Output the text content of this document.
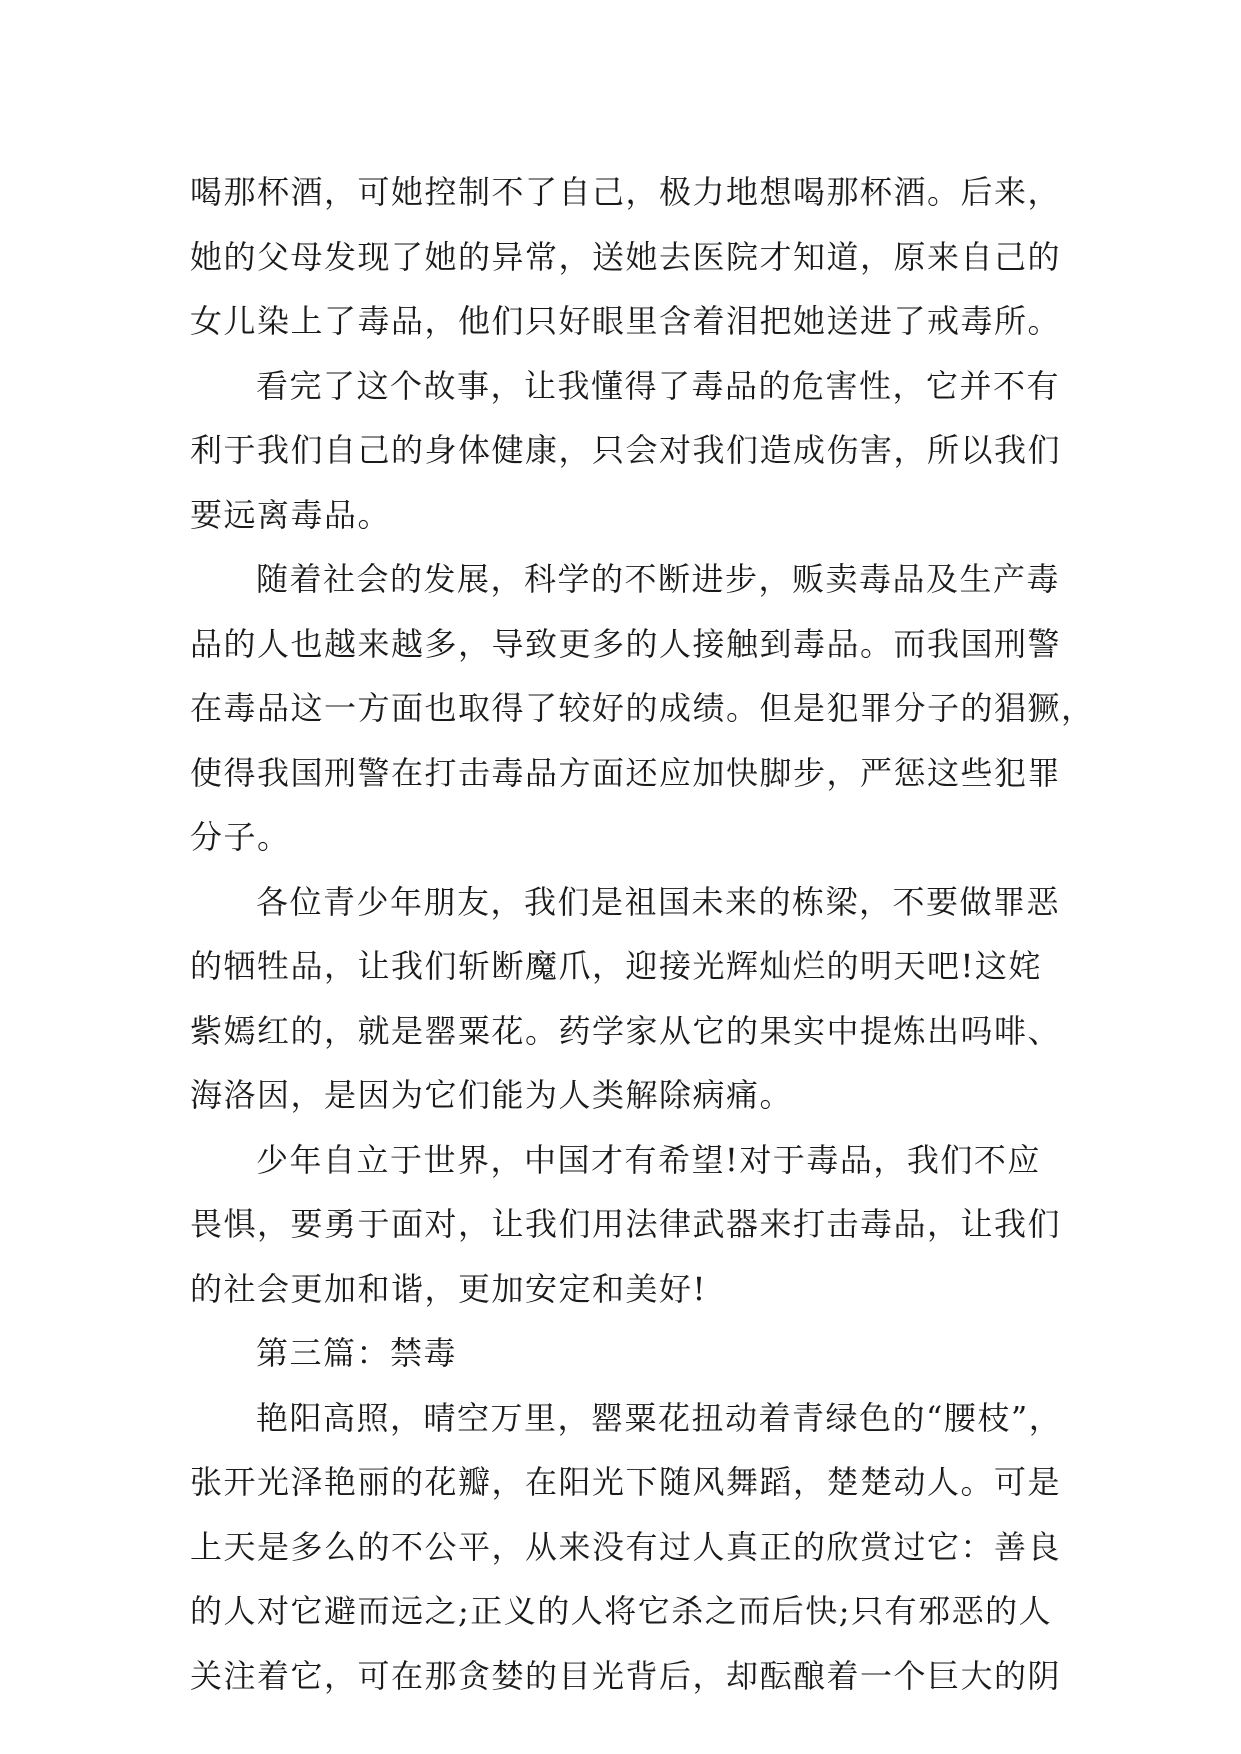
喝那杯酒，可她控制不了自己，极力地想喝那杯酒。后来，
她的父母发现了她的异常，送她去医院才知道，原来自己的
女儿染上了毒品，他们只好眼里含着泪把她送进了戒毒所。
看完了这个故事，让我懂得了毒品的危害性，它并不有
利于我们自己的身体健康，只会对我们造成伤害，所以我们
要远离毒品。
随着社会的发展，科学的不断进步，贩卖毒品及生产毒
品的人也越来越多，导致更多的人接触到毒品。而我国刑警
在毒品这一方面也取得了较好的成绩。但是犯罪分子的猖獗，
使得我国刑警在打击毒品方面还应加快脚步，严惩这些犯罪
分子。
各位青少年朋友，我们是祖国未来的栋梁，不要做罪恶
的牺牲品，让我们斩断魔爪，迎接光辉灿烂的明天吧!这姹
紫嫣红的，就是罂粟花。药学家从它的果实中提炼出吗啡、
海洛因，是因为它们能为人类解除病痛。
少年自立于世界，中国才有希望!对于毒品，我们不应
畏惧，要勇于面对，让我们用法律武器来打击毒品，让我们
的社会更加和谐，更加安定和美好!
第三篇：禁毒
艳阳高照，晴空万里，罂粟花扭动着青绿色的“腰枝”，
张开光泽艳丽的花瓣，在阳光下随风舞蹈，楚楚动人。可是
上天是多么的不公平，从来没有过人真正的欣赏过它：善良
的人对它避而远之;正义的人将它杀之而后快;只有邪恶的人
关注着它，可在那贪婪的目光背后，却酝酿着一个巨大的阴
